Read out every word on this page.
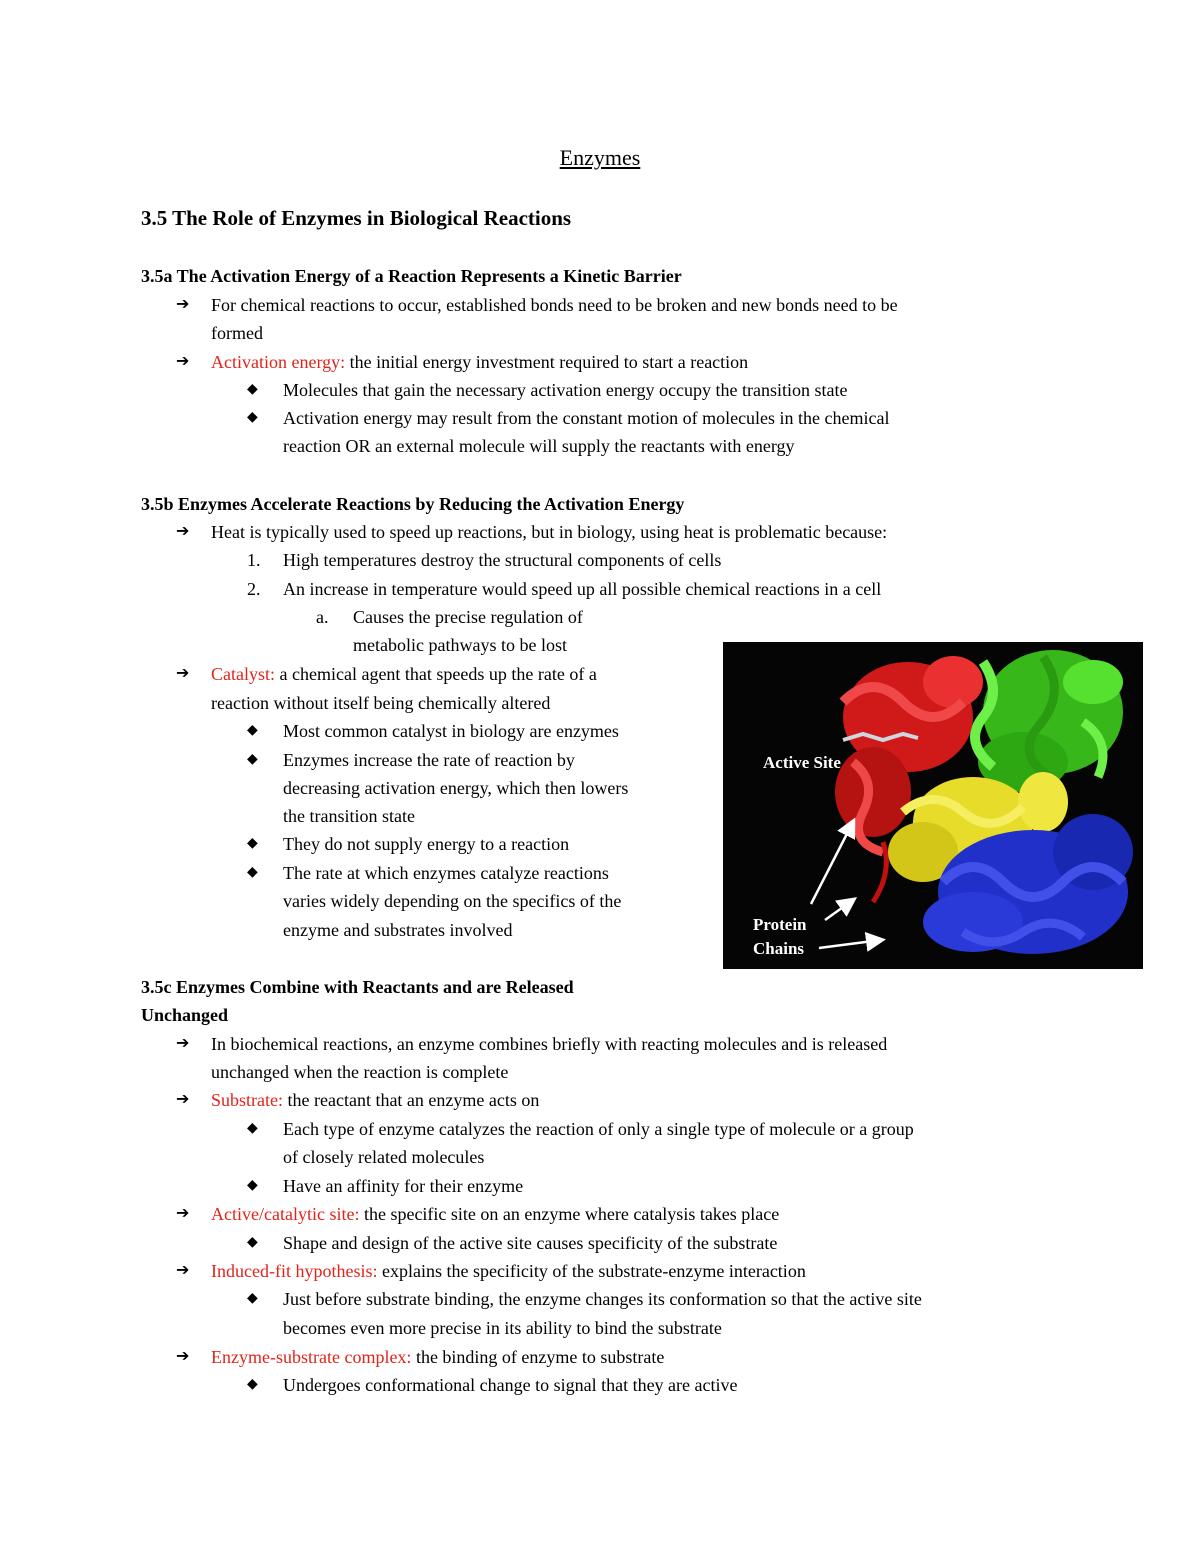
Enzymes
3.5 The Role of Enzymes in Biological Reactions
3.5a The Activation Energy of a Reaction Represents a Kinetic Barrier
➔ For chemical reactions to occur, established bonds need to be broken and new bonds need to be
formed
➔ Activation energy: the initial energy investment required to start a reaction
◆ Molecules that gain the necessary activation energy occupy the transition state
◆ Activation energy may result from the constant motion of molecules in the chemical
reaction OR an external molecule will supply the reactants with energy
3.5b Enzymes Accelerate Reactions by Reducing the Activation Energy
➔ Heat is typically used to speed up reactions, but in biology, using heat is problematic because:
1. High temperatures destroy the structural components of cells
2. An increase in temperature would speed up all possible chemical reactions in a cell
a. Causes the precise regulation of
metabolic pathways to be lost
➔ Catalyst: a chemical agent that speeds up the rate of a
reaction without itself being chemically altered
◆ Most common catalyst in biology are enzymes
◆ Enzymes increase the rate of reaction by
decreasing activation energy, which then lowers
the transition state
◆ They do not supply energy to a reaction
◆ The rate at which enzymes catalyze reactions
varies widely depending on the specifics of the
enzyme and substrates involved
Active Site
Protein
Chains
3.5c Enzymes Combine with Reactants and are Released
Unchanged
➔ In biochemical reactions, an enzyme combines briefly with reacting molecules and is released
unchanged when the reaction is complete
➔ Substrate: the reactant that an enzyme acts on
◆ Each type of enzyme catalyzes the reaction of only a single type of molecule or a group
of closely related molecules
◆ Have an affinity for their enzyme
➔ Active/catalytic site: the specific site on an enzyme where catalysis takes place
◆ Shape and design of the active site causes specificity of the substrate
➔ Induced-fit hypothesis: explains the specificity of the substrate-enzyme interaction
◆ Just before substrate binding, the enzyme changes its conformation so that the active site
becomes even more precise in its ability to bind the substrate
➔ Enzyme-substrate complex: the binding of enzyme to substrate
◆ Undergoes conformational change to signal that they are active
